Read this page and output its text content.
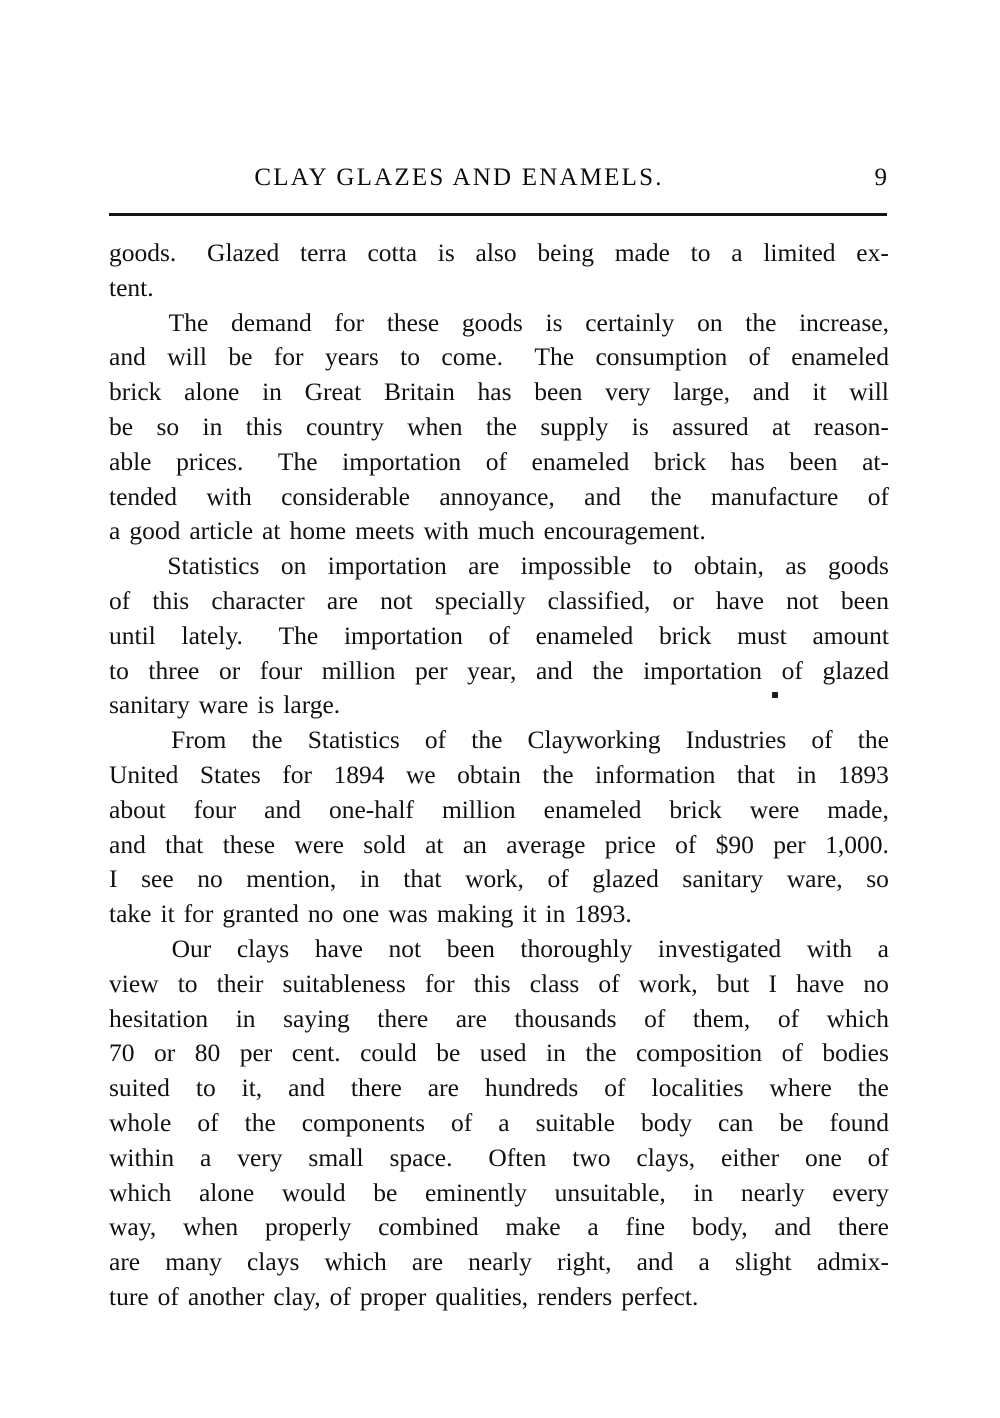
CLAY GLAZES AND ENAMELS.	9
goods. Glazed terra cotta is also being made to a limited ex-
tent.
The demand for these goods is certainly on the increase,
and will be for years to come. The consumption of enameled
brick alone in Great Britain has been very large, and it will
be so in this country when the supply is assured at reason-
able prices. The importation of enameled brick has been at-
tended with considerable annoyance, and the manufacture of
a good article at home meets with much encouragement.
Statistics on importation are impossible to obtain, as goods
of this character are not specially classified, or have not been
until lately. The importation of enameled brick must amount
to three or four million per year, and the importation of glazed
sanitary ware is large.
From the Statistics of the Clayworking Industries of the
United States for 1894 we obtain the information that in 1893
about four and one-half million enameled brick were made,
and that these were sold at an average price of $90 per 1,000.
I see no mention, in that work, of glazed sanitary ware, so
take it for granted no one was making it in 1893.
Our clays have not been thoroughly investigated with a
view to their suitableness for this class of work, but I have no
hesitation in saying there are thousands of them, of which
70 or 80 per cent. could be used in the composition of bodies
suited to it, and there are hundreds of localities where the
whole of the components of a suitable body can be found
within a very small space. Often two clays, either one of
which alone would be eminently unsuitable, in nearly every
way, when properly combined make a fine body, and there
are many clays which are nearly right, and a slight admix-
ture of another clay, of proper qualities, renders perfect.
